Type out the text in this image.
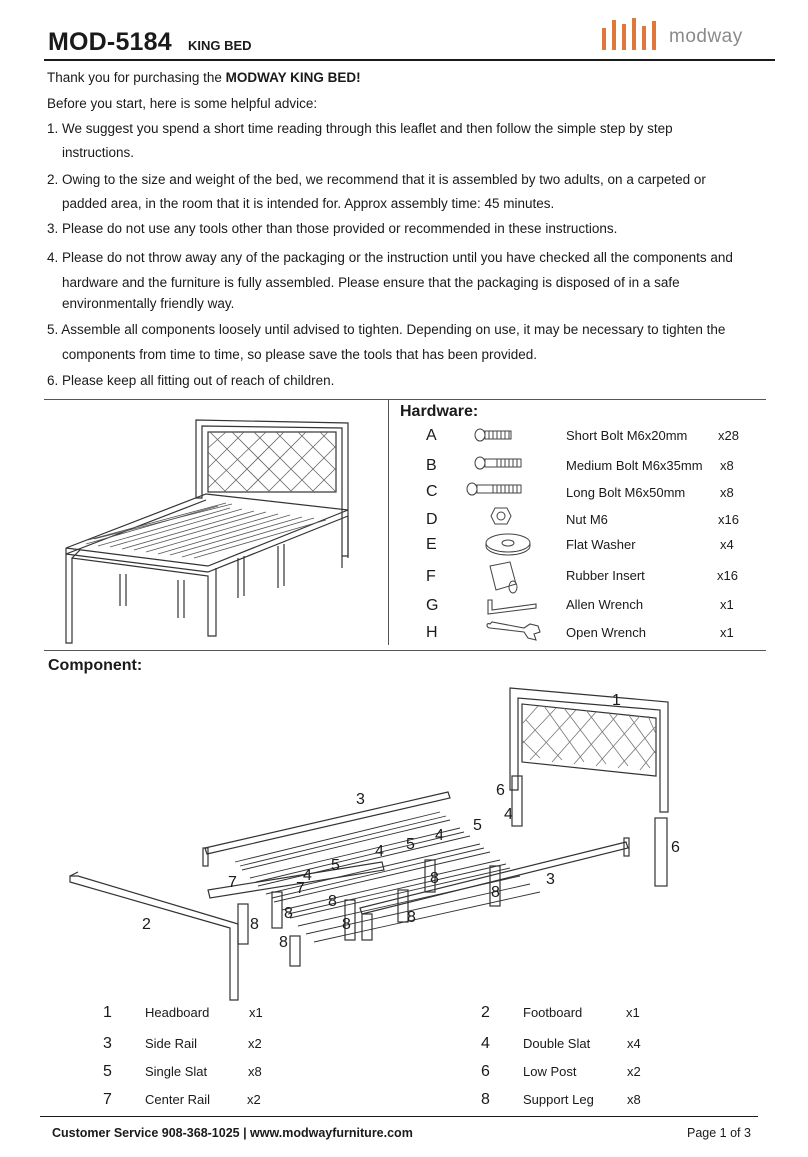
MOD-5184 KING BED	modway
Thank you for purchasing the MODWAY KING BED!
Before you start, here is some helpful advice:
1. We suggest you spend a short time reading through this leaflet and then follow the simple step by step
instructions.
2. Owing to the size and weight of the bed, we recommend that it is assembled by two adults, on a carpeted or
padded area, in the room that it is intended for. Approx assembly time: 45 minutes.
3. Please do not use any tools other than those provided or recommended in these instructions.
4. Please do not throw away any of the packaging or the instruction until you have checked all the components and
hardware and the furniture is fully assembled. Please ensure that the packaging is disposed of in a safe
environmentally friendly way.
5. Assemble all components loosely until advised to tighten. Depending on use, it may be necessary to tighten the
components from time to time, so please save the tools that has been provided.
6. Please keep all fitting out of reach of children.
Hardware:
A	Short Bolt M6x20mm x28
B	Medium Bolt M6x35mm x8
C	Long Bolt M6x50mm	x8
D	Nut M6	x16
E	Flat Washer	x4
F	Rubber Insert	x16
G	Allen Wrench	x1
H	Open Wrench	x1
Component:
1
2
3
3
4
4
4
4
5
5
5
6
6
7	7
8
8
8
8
8	8	8
8
1	Headboard	x1	2	Footboard	x1
3	Side Rail	x2	4	Double Slat	x4
5	Single Slat	x8	6	Low Post	x2
7	Center Rail	x2	8	Support Leg	x8
Customer Service 908-368-1025 | www.modwayfurniture.com	Page 1 of 3
